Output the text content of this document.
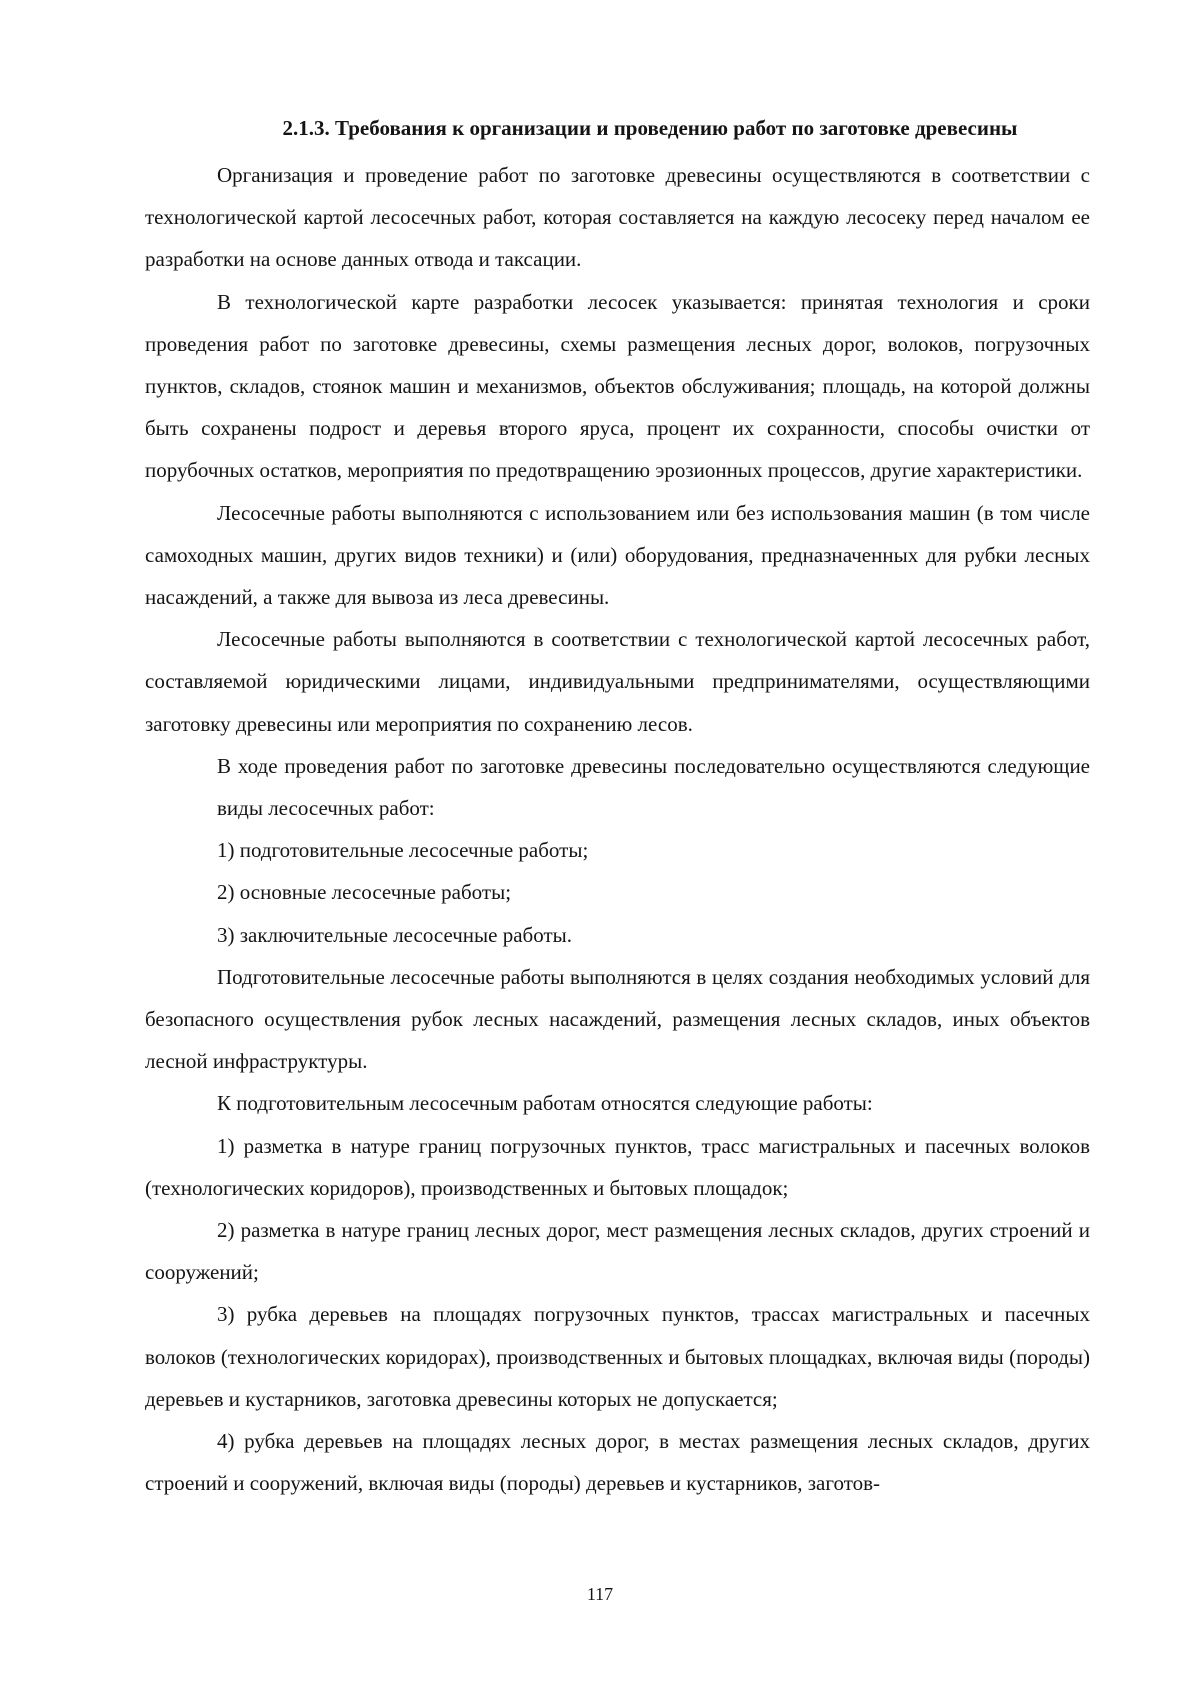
2.1.3. Требования к организации и проведению работ по заготовке древесины

Организация и проведение работ по заготовке древесины осуществляются в соответствии с технологической картой лесосечных работ, которая составляется на каждую лесосеку перед началом ее разработки на основе данных отвода и таксации.

В технологической карте разработки лесосек указывается: принятая технология и сроки проведения работ по заготовке древесины, схемы размещения лесных дорог, волоков, погрузочных пунктов, складов, стоянок машин и механизмов, объектов обслуживания; площадь, на которой должны быть сохранены подрост и деревья второго яруса, процент их сохранности, способы очистки от порубочных остатков, мероприятия по предотвращению эрозионных процессов, другие характеристики.

Лесосечные работы выполняются с использованием или без использования машин (в том числе самоходных машин, других видов техники) и (или) оборудования, предназначенных для рубки лесных насаждений, а также для вывоза из леса древесины.

Лесосечные работы выполняются в соответствии с технологической картой лесосечных работ, составляемой юридическими лицами, индивидуальными предпринимателями, осуществляющими заготовку древесины или мероприятия по сохранению лесов.

В ходе проведения работ по заготовке древесины последовательно осуществляются следующие виды лесосечных работ:

1) подготовительные лесосечные работы;

2) основные лесосечные работы;

3) заключительные лесосечные работы.

Подготовительные лесосечные работы выполняются в целях создания необходимых условий для безопасного осуществления рубок лесных насаждений, размещения лесных складов, иных объектов лесной инфраструктуры.

К подготовительным лесосечным работам относятся следующие работы:

1) разметка в натуре границ погрузочных пунктов, трасс магистральных и пасечных волоков (технологических коридоров), производственных и бытовых площадок;

2) разметка в натуре границ лесных дорог, мест размещения лесных складов, других строений и сооружений;

3) рубка деревьев на площадях погрузочных пунктов, трассах магистральных и пасечных волоков (технологических коридорах), производственных и бытовых площадках, включая виды (породы) деревьев и кустарников, заготовка древесины которых не допускается;

4) рубка деревьев на площадях лесных дорог, в местах размещения лесных складов, других строений и сооружений, включая виды (породы) деревьев и кустарников, заготов-

117
